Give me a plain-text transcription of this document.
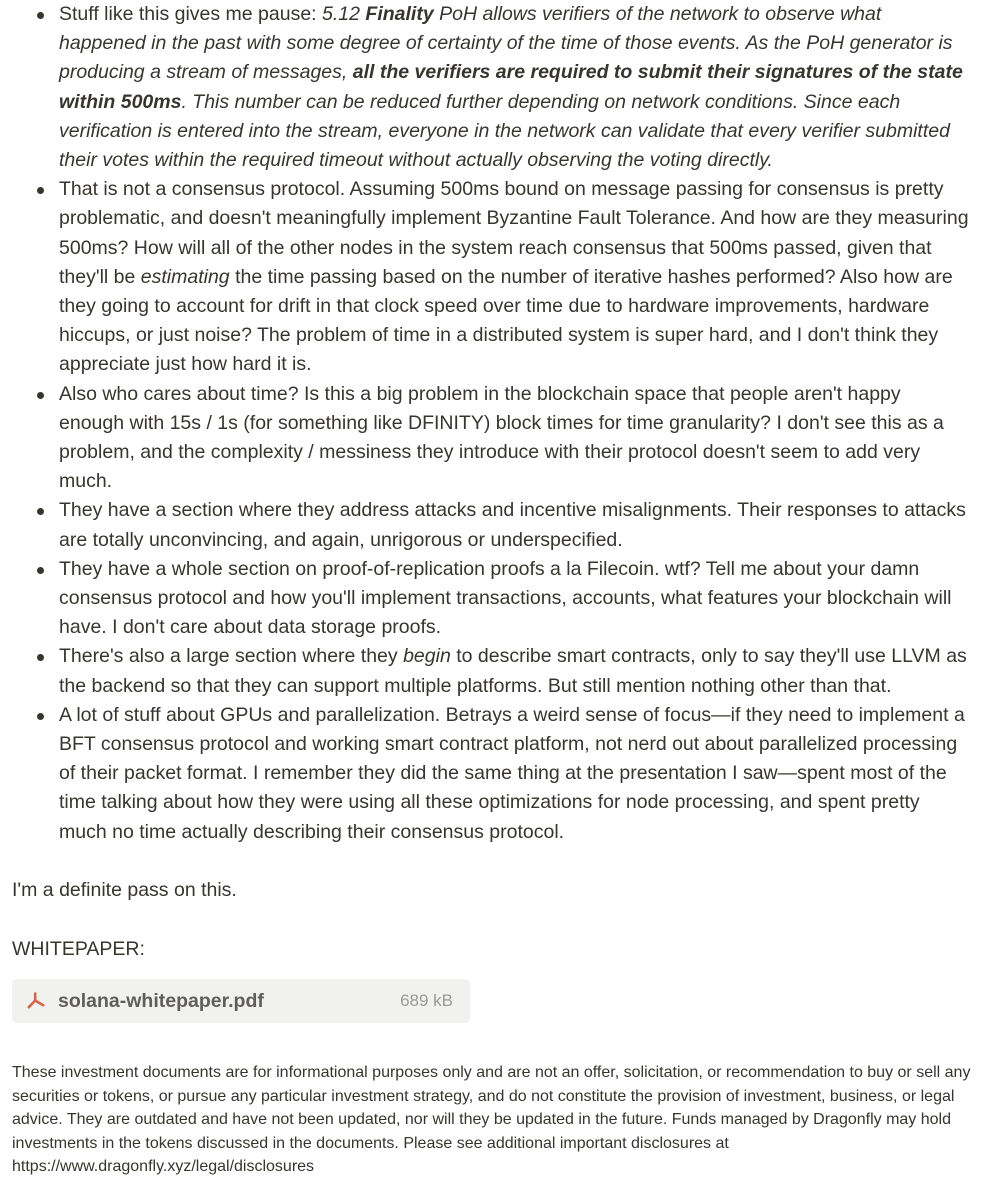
Stuff like this gives me pause: 5.12 Finality PoH allows verifiers of the network to observe what happened in the past with some degree of certainty of the time of those events. As the PoH generator is producing a stream of messages, all the verifiers are required to submit their signatures of the state within 500ms. This number can be reduced further depending on network conditions. Since each verification is entered into the stream, everyone in the network can validate that every verifier submitted their votes within the required timeout without actually observing the voting directly.
That is not a consensus protocol. Assuming 500ms bound on message passing for consensus is pretty problematic, and doesn't meaningfully implement Byzantine Fault Tolerance. And how are they measuring 500ms? How will all of the other nodes in the system reach consensus that 500ms passed, given that they'll be estimating the time passing based on the number of iterative hashes performed? Also how are they going to account for drift in that clock speed over time due to hardware improvements, hardware hiccups, or just noise? The problem of time in a distributed system is super hard, and I don't think they appreciate just how hard it is.
Also who cares about time? Is this a big problem in the blockchain space that people aren't happy enough with 15s / 1s (for something like DFINITY) block times for time granularity? I don't see this as a problem, and the complexity / messiness they introduce with their protocol doesn't seem to add very much.
They have a section where they address attacks and incentive misalignments. Their responses to attacks are totally unconvincing, and again, unrigorous or underspecified.
They have a whole section on proof-of-replication proofs a la Filecoin. wtf? Tell me about your damn consensus protocol and how you'll implement transactions, accounts, what features your blockchain will have. I don't care about data storage proofs.
There's also a large section where they begin to describe smart contracts, only to say they'll use LLVM as the backend so that they can support multiple platforms. But still mention nothing other than that.
A lot of stuff about GPUs and parallelization. Betrays a weird sense of focus—if they need to implement a BFT consensus protocol and working smart contract platform, not nerd out about parallelized processing of their packet format. I remember they did the same thing at the presentation I saw—spent most of the time talking about how they were using all these optimizations for node processing, and spent pretty much no time actually describing their consensus protocol.

I'm a definite pass on this.

WHITEPAPER:

solana-whitepaper.pdf	689 kB

These investment documents are for informational purposes only and are not an offer, solicitation, or recommendation to buy or sell any securities or tokens, or pursue any particular investment strategy, and do not constitute the provision of investment, business, or legal advice. They are outdated and have not been updated, nor will they be updated in the future. Funds managed by Dragonfly may hold investments in the tokens discussed in the documents. Please see additional important disclosures at https://www.dragonfly.xyz/legal/disclosures
